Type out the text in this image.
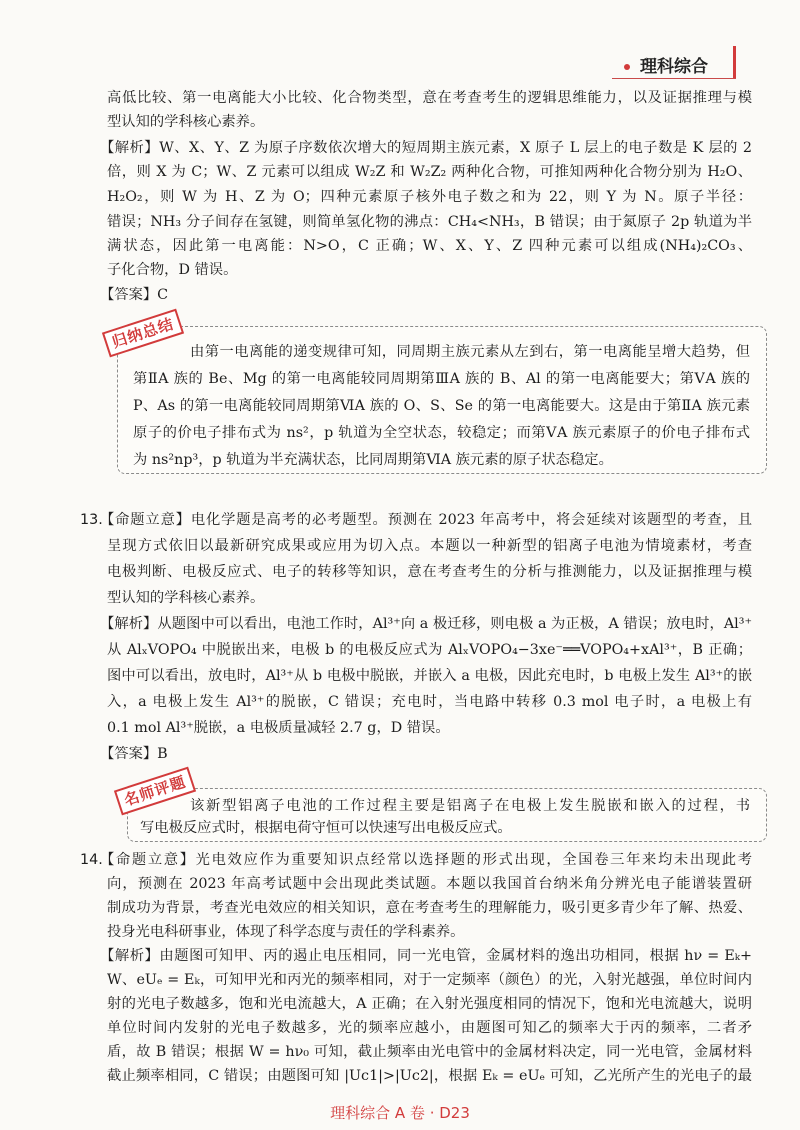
理科综合
归纳总结
名师评题
13.
14.
高低比较、第一电离能大小比较、化合物类型，意在考查考生的逻辑思维能力，以及证据推理与模
型认知的学科核心素养。
【解析】W、X、Y、Z 为原子序数依次增大的短周期主族元素，X 原子 L 层上的电子数是 K 层的 2
倍，则 X 为 C；W、Z 元素可以组成 W₂Z 和 W₂Z₂ 两种化合物，可推知两种化合物分别为 H₂O、
H₂O₂，则 W 为 H、Z 为 O；四种元素原子核外电子数之和为 22，则 Y 为 N。原子半径：
错误；NH₃ 分子间存在氢键，则简单氢化物的沸点：CH₄<NH₃，B 错误；由于氮原子 2p 轨道为半
满状态，因此第一电离能：N>O，C 正确；W、X、Y、Z 四种元素可以组成(NH₄)₂CO₃、
子化合物，D 错误。
【答案】C
由第一电离能的递变规律可知，同周期主族元素从左到右，第一电离能呈增大趋势，但
第ⅡA 族的 Be、Mg 的第一电离能较同周期第ⅢA 族的 B、Al 的第一电离能要大；第ⅤA 族的
P、As 的第一电离能较同周期第ⅥA 族的 O、S、Se 的第一电离能要大。这是由于第ⅡA 族元素
原子的价电子排布式为 ns²，p 轨道为全空状态，较稳定；而第ⅤA 族元素原子的价电子排布式
为 ns²np³，p 轨道为半充满状态，比同周期第ⅥA 族元素的原子状态稳定。
【命题立意】电化学题是高考的必考题型。预测在 2023 年高考中，将会延续对该题型的考查，且
呈现方式依旧以最新研究成果或应用为切入点。本题以一种新型的铝离子电池为情境素材，考查
电极判断、电极反应式、电子的转移等知识，意在考查考生的分析与推测能力，以及证据推理与模
型认知的学科核心素养。
【解析】从题图中可以看出，电池工作时，Al³⁺向 a 极迁移，则电极 a 为正极，A 错误；放电时，Al³⁺
从 AlₓVOPO₄ 中脱嵌出来，电极 b 的电极反应式为 AlₓVOPO₄−3xe⁻══VOPO₄+xAl³⁺，B 正确；
图中可以看出，放电时，Al³⁺从 b 电极中脱嵌，并嵌入 a 电极，因此充电时，b 电极上发生 Al³⁺的嵌
入，a 电极上发生 Al³⁺的脱嵌，C 错误；充电时，当电路中转移 0.3 mol 电子时，a 电极上有
0.1 mol Al³⁺脱嵌，a 电极质量减轻 2.7 g，D 错误。
【答案】B
该新型铝离子电池的工作过程主要是铝离子在电极上发生脱嵌和嵌入的过程，书
写电极反应式时，根据电荷守恒可以快速写出电极反应式。
【命题立意】光电效应作为重要知识点经常以选择题的形式出现，全国卷三年来均未出现此考
向，预测在 2023 年高考试题中会出现此类试题。本题以我国首台纳米角分辨光电子能谱装置研
制成功为背景，考查光电效应的相关知识，意在考查考生的理解能力，吸引更多青少年了解、热爱、
投身光电科研事业，体现了科学态度与责任的学科素养。
【解析】由题图可知甲、丙的遏止电压相同，同一光电管，金属材料的逸出功相同，根据 hν = Eₖ+
W、eUₑ = Eₖ，可知甲光和丙光的频率相同，对于一定频率（颜色）的光，入射光越强，单位时间内
射的光电子数越多，饱和光电流越大，A 正确；在入射光强度相同的情况下，饱和光电流越大，说明
单位时间内发射的光电子数越多，光的频率应越小，由题图可知乙的频率大于丙的频率，二者矛
盾，故 B 错误；根据 W = hν₀ 可知，截止频率由光电管中的金属材料决定，同一光电管，金属材料
截止频率相同，C 错误；由题图可知 |Uc1|>|Uc2|，根据 Eₖ = eUₑ 可知，乙光所产生的光电子的最
理科综合 A 卷 · D23
